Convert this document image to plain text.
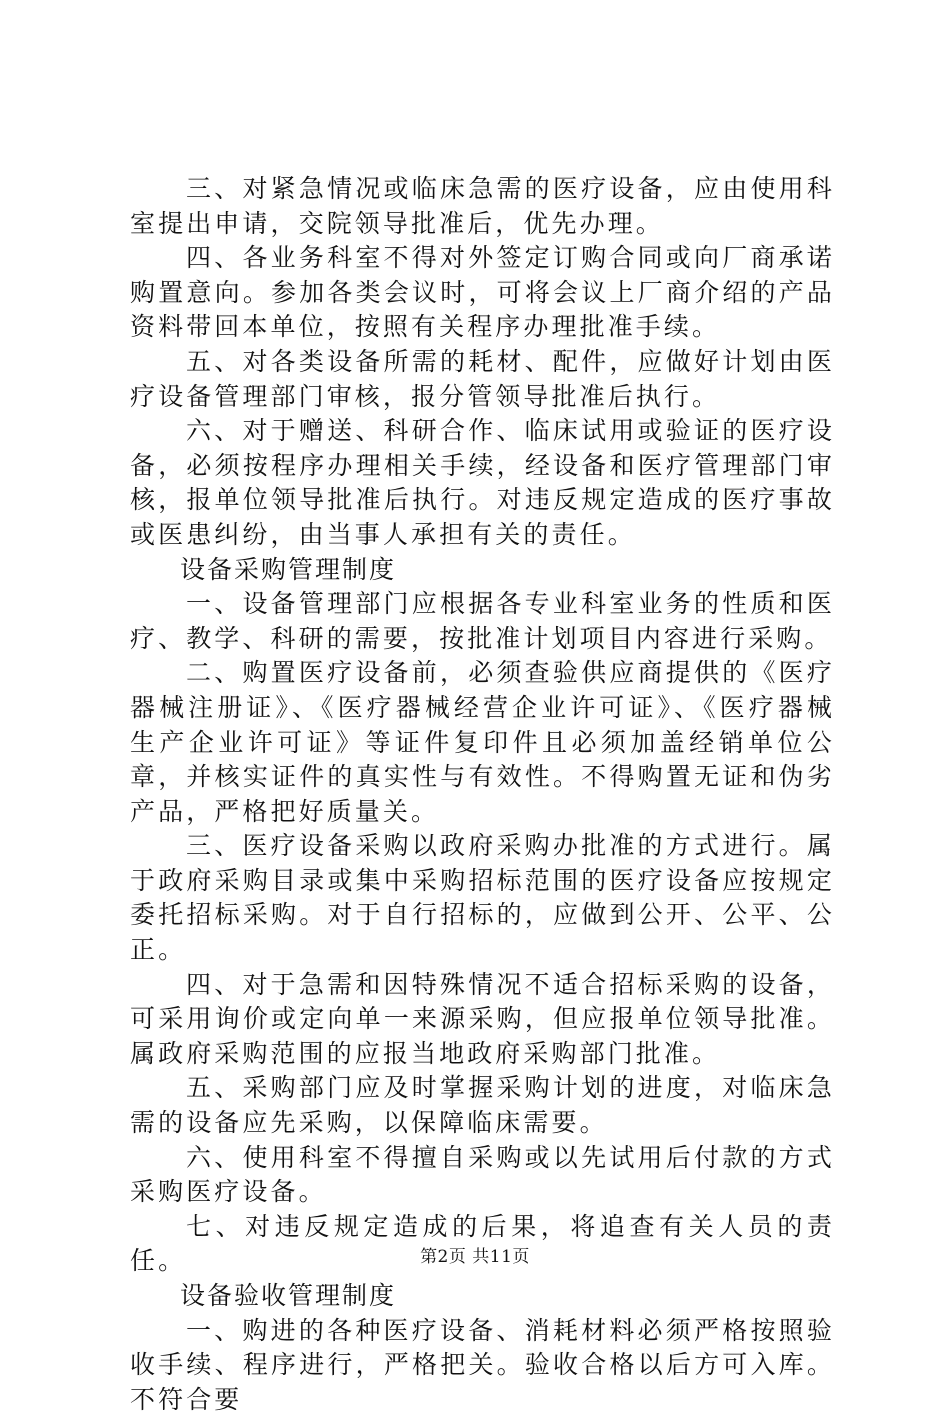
三、对紧急情况或临床急需的医疗设备，应由使用科室提出申请，交院领导批准后，优先办理。

四、各业务科室不得对外签定订购合同或向厂商承诺购置意向。参加各类会议时，可将会议上厂商介绍的产品资料带回本单位，按照有关程序办理批准手续。

五、对各类设备所需的耗材、配件，应做好计划由医疗设备管理部门审核，报分管领导批准后执行。

六、对于赠送、科研合作、临床试用或验证的医疗设备，必须按程序办理相关手续，经设备和医疗管理部门审核，报单位领导批准后执行。对违反规定造成的医疗事故或医患纠纷，由当事人承担有关的责任。

设备采购管理制度

一、设备管理部门应根据各专业科室业务的性质和医疗、教学、科研的需要，按批准计划项目内容进行采购。

二、购置医疗设备前，必须查验供应商提供的《医疗器械注册证》、《医疗器械经营企业许可证》、《医疗器械生产企业许可证》等证件复印件且必须加盖经销单位公章，并核实证件的真实性与有效性。不得购置无证和伪劣产品，严格把好质量关。

三、医疗设备采购以政府采购办批准的方式进行。属于政府采购目录或集中采购招标范围的医疗设备应按规定委托招标采购。对于自行招标的，应做到公开、公平、公正。

四、对于急需和因特殊情况不适合招标采购的设备，可采用询价或定向单一来源采购，但应报单位领导批准。属政府采购范围的应报当地政府采购部门批准。

五、采购部门应及时掌握采购计划的进度，对临床急需的设备应先采购，以保障临床需要。

六、使用科室不得擅自采购或以先试用后付款的方式采购医疗设备。

七、对违反规定造成的后果，将追查有关人员的责任。

设备验收管理制度

一、购进的各种医疗设备、消耗材料必须严格按照验收手续、程序进行，严格把关。验收合格以后方可入库。不符合要

第2页 共11页
